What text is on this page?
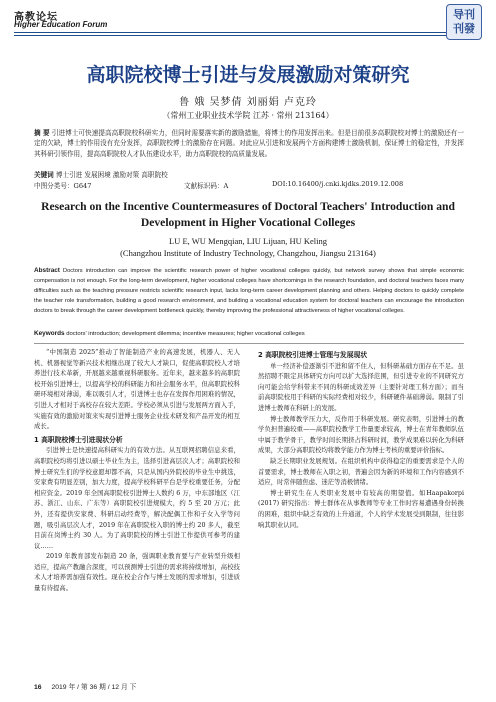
高教论坛
Higher Education Forum
导刊
刊發
高职院校博士引进与发展激励对策研究
鲁 娥 吴梦倩 刘丽娟 卢克玲
（常州工业职业技术学院 江苏 · 常州 213164）
摘 要 引进博士可快速提高高职院校科研实力，但同时需要落实新的激励措施，将博士的作用发挥出来。但是目前很多高职院校对博士的激励还有一定的欠缺，博士的作用没有充分发挥，高职院校博士的激励存在问题。对此应从引进和发展两个方面构建博士激励机制，保证博士的稳定性，并发挥其科研引领作用，提高高职院校人才队伍建设水平，助力高职院校的高质量发展。
关键词 博士引进 发展困境 激励对策 高职院校
中图分类号：G647	文献标识码：A	DOI:10.16400/j.cnki.kjdks.2019.12.008
Research on the Incentive Countermeasures of Doctoral Teachers' Introduction and Development in Higher Vocational Colleges
LU E, WU Mengqian, LIU Lijuan, HU Keling
(Changzhou Institute of Industry Technology, Changzhou, Jiangsu 213164)
Abstract Doctors introduction can improve the scientific research power of higher vocational colleges quickly, but network survey shows that simple economic compensation is not enough. For the long-term development, higher vocational colleges have shortcomings in the research foundation, and doctoral teachers faces many difficulties such as the teaching pressure restricts scientific research input, lacks long-term career development planning and others. Helping doctors to quickly complete the teacher role transformation, building a good research environment, and building a vocational education system for doctoral teachers can encourage the introduction doctors to break through the career development bottleneck quickly, thereby improving the professional attractiveness of higher vocational colleges.
Keywords doctors' introduction; development dilemma; incentive measures; higher vocational colleges

“中国制造 2025”推动了智能制造产业的高速发展，机器人、无人机、机器视觉等新兴技术相继出现了较大人才缺口，促使高职院校人才培养进行技术革新，开展越来越重视科研服务。近年来，越来越多的高职院校开始引进博士，以提高学校的科研能力和社会服务水平，但高职院校科研环境相对薄弱，难以吸引人才，引进博士也存在发挥作用困难的情况，引进人才相对于高校存在较大差距。学校必须从引进与发展两方面入手，实施有效的激励对策来实现引进博士服务企业技术研发和产品开发的相互成长。

1 高职院校博士引进现状分析

引进博士是快速提高科研实力的有效方法。从互联网招聘信息来看，高职院校均将引进以硕士毕业生为主，选择引进高层次人才；高职院校和博士研究生们的学校意愿却都不高，只是从国内外院校的毕业生中挑选，安家费有明显差别，加大力度，提高学校科研平台是学校重要任务，分配相应资金。2019 年全国高职院校引进博士人数约 6 万，中东部地区（江苏、浙江、山东、广东等）高职院校引进规模大，约 5 至 20 万元；此外，还有提供安家费、科研启动经费等，解决配偶工作和子女入学等问题，吸引高层次人才，2019 年在高职院校入职的博士约 20 多人，截至目前在岗博士约 30 人。为了高职院校的博士引进工作提供可参考的建议……

2019 年教育部发布制造 20 条，强调职业教育要与产业转型升级相适应，提高产教融合深度，可以预测博士引进的需求将持续增加，高校技术人才培养需加强有效性。现在校企合作与博士发展的需求增加，引进质量有待提高。

2 高职院校引进博士管理与发展现状

单一经济补偿逐渐引不进和留不住人，但科研基础方面存在不足。虽然招聘不限定具体研究方向可以扩大选择范围，但引进专业的不同研究方向可能会给学科带来不同的科研成效差异（主要针对理工科方面）；而当前高职院校用于科研的实际经费相对较少，科研硬件基础薄弱。限制了引进博士教师在科研上的发展。

博士教师教学压力大，反作用于科研发展。研究表明，引进博士的教学负担普遍较重——高职院校教学工作量要求较高，博士在青年教师队伍中属于教学骨干，教学时间长期挤占科研时间，教学成果难以转化为科研成果，大部分高职院校均将教学能力作为博士考核的重要评价指标。

缺乏长期职业发展规划。在组织机构中获得稳定的重要需求是个人的首要需求，博士教师在入职之初，普遍会因为新的环境和工作内容感到不适应，时常伴随焦虑、迷茫等消极情绪。

博士研究生在人类职业发展中有较高的期望值。如Haapakorpi (2017) 研究指出：博士群体在从事教师等专业工作时容易遭遇身份转换的困难，组织中缺乏有效的上升通道，个人的学术发展受到限制，往往影响其职业认同。

16 2019 年 / 第 36 期 / 12 月 下
